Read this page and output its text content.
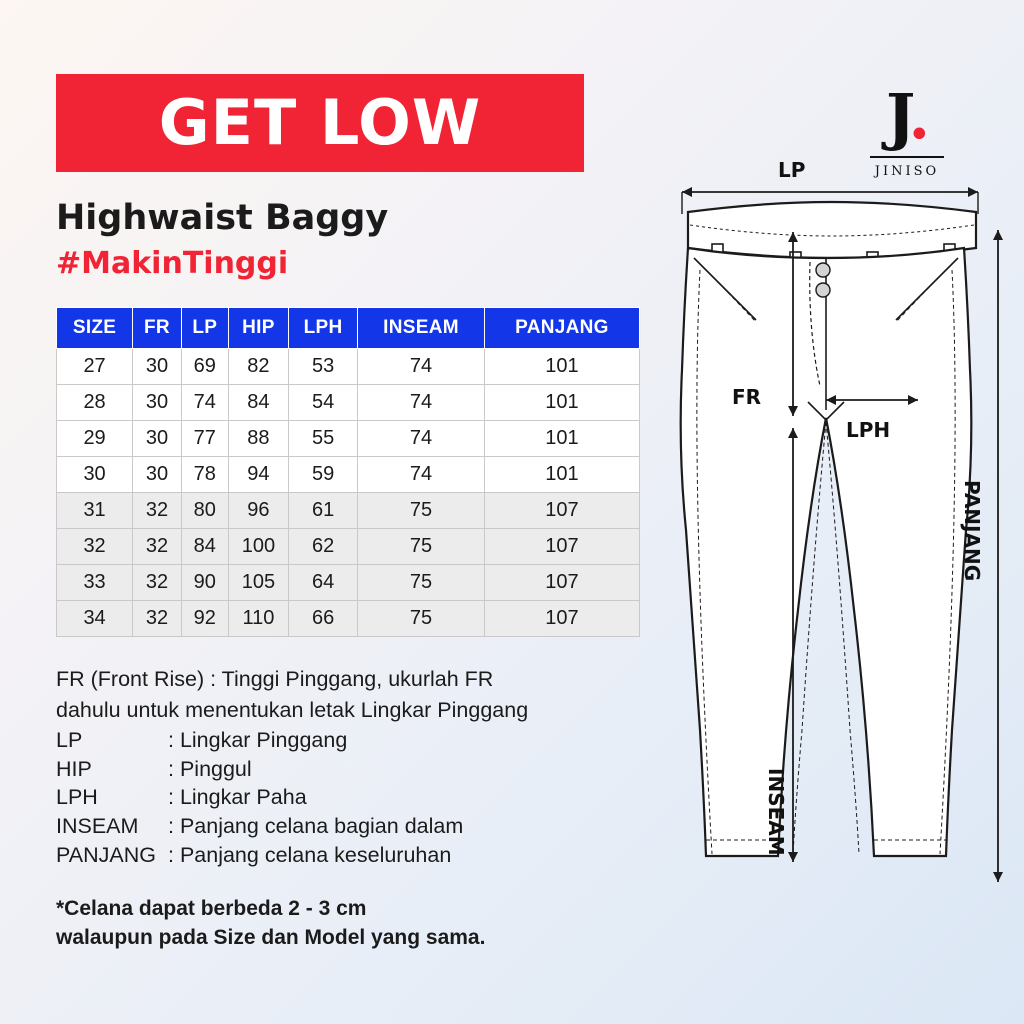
GET LOW
Highwaist Baggy
#MakinTinggi
SIZE	FR	LP	HIP	LPH	INSEAM	PANJANG
27	30	69	82	53	74	101
28	30	74	84	54	74	101
29	30	77	88	55	74	101
30	30	78	94	59	74	101
31	32	80	96	61	75	107
32	32	84	100	62	75	107
33	32	90	105	64	75	107
34	32	92	110	66	75	107
FR (Front Rise) : Tinggi Pinggang, ukurlah FR
dahulu untuk menentukan letak Lingkar Pinggang
LP	: Lingkar Pinggang
HIP	: Pinggul
LPH	: Lingkar Paha
INSEAM	: Panjang celana bagian dalam
PANJANG : Panjang celana keseluruhan
*Celana dapat berbeda 2 - 3 cm
walaupun pada Size dan Model yang sama.
J.
JINISO
LP
FR
LPH
INSEAM
PANJANG
